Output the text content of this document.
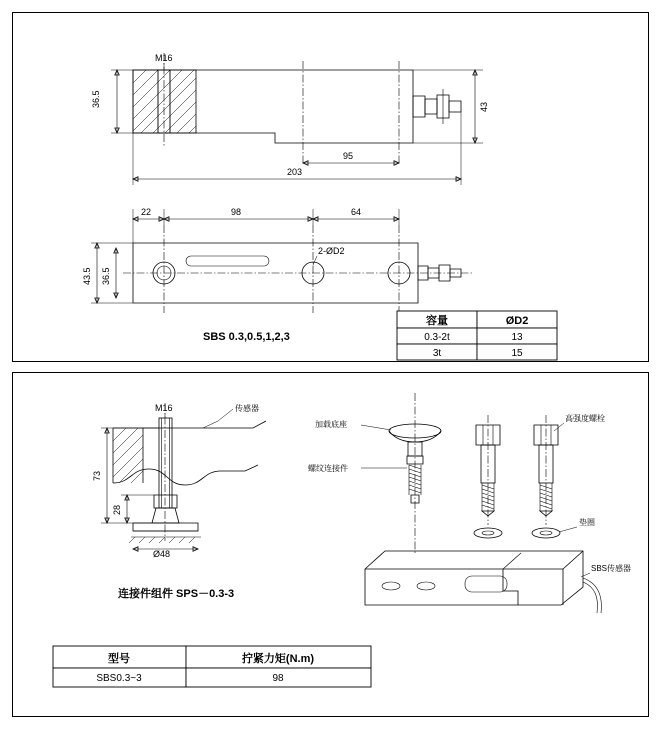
M16
36.5	43
95
203
2-ØD2
22	98	64
43.5 36.5
SBS 0.3,0.5,1,2,3
容量	ØD2
0.3-2t	13
3t	15
M16	传感器
73
28
Ø48
连接件组件 SPS－0.3-3
加载底座
螺纹连接件
高强度螺栓
垫圈
SBS传感器
型号	拧紧力矩(N.m)
SBS0.3~3	98
